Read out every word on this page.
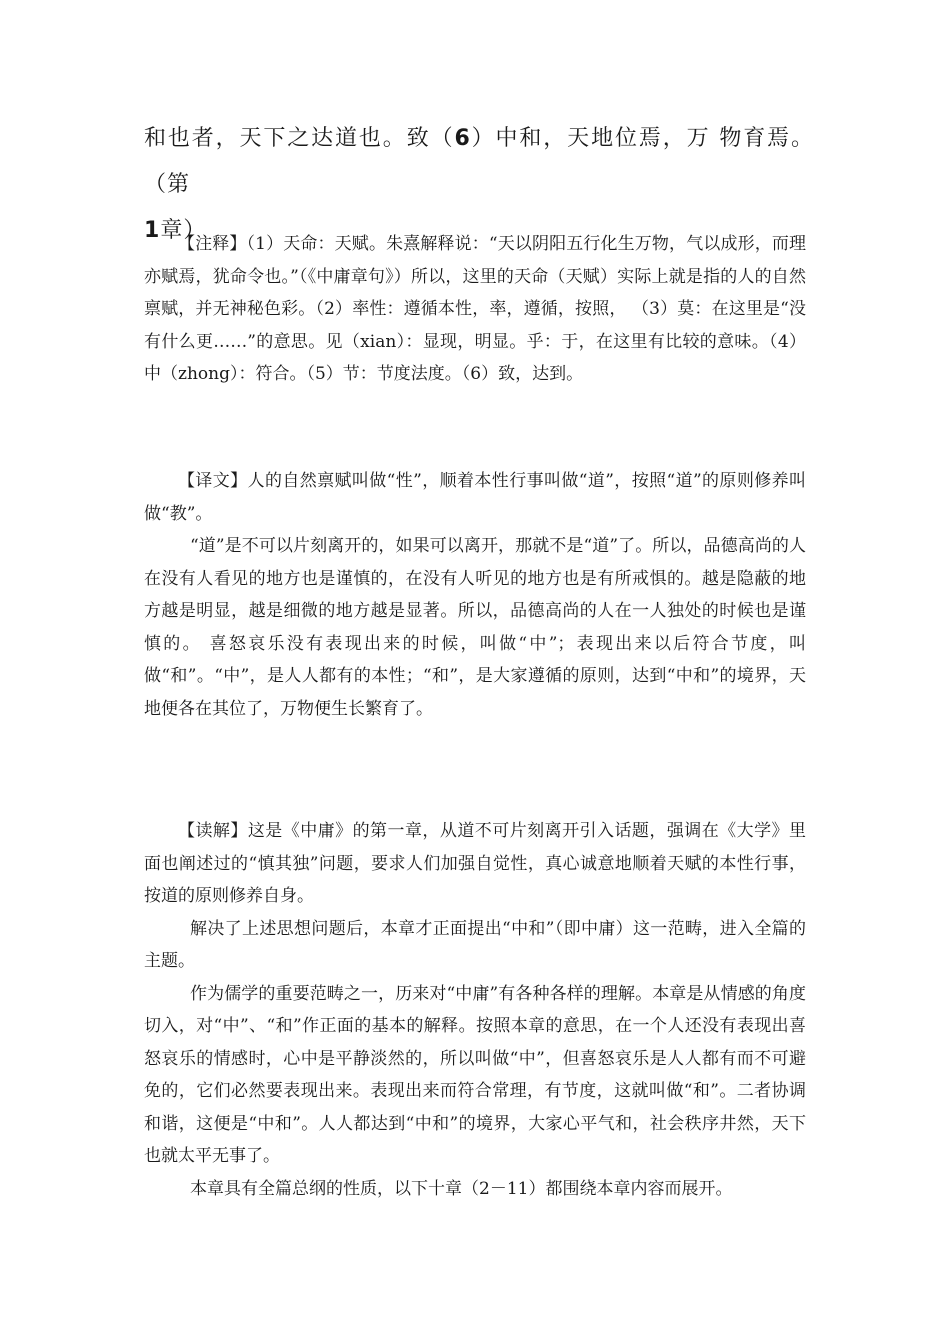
和也者，天下之达道也。致（6）中和，天地位焉，万 物育焉。（第
1章）

【注释】（1）天命：天赋。朱熹解释说：“天以阴阳五行化生万物，气以成形，而理亦赋焉，犹命令也。”（《中庸章句》）所以，这里的天命（天赋）实际上就是指的人的自然禀赋，并无神秘色彩。（2）率性：遵循本性，率，遵循，按照， （3）莫：在这里是“没有什么更……”的意思。见（xian）：显现，明显。乎：于，在这里有比较的意味。（4）中（zhong）：符合。（5）节：节度法度。（6）致，达到。

【译文】人的自然禀赋叫做“性”，顺着本性行事叫做“道”，按照“道”的原则修养叫做“教”。

“道”是不可以片刻离开的，如果可以离开，那就不是“道”了。所以，品德高尚的人在没有人看见的地方也是谨慎的，在没有人听见的地方也是有所戒惧的。越是隐蔽的地方越是明显，越是细微的地方越是显著。所以，品德高尚的人在一人独处的时候也是谨慎的。 喜怒哀乐没有表现出来的时候，叫做“中”；表现出来以后符合节度，叫做“和”。“中”，是人人都有的本性；“和”，是大家遵循的原则，达到“中和”的境界，天地便各在其位了，万物便生长繁育了。

【读解】这是《中庸》的第一章，从道不可片刻离开引入话题，强调在《大学》里面也阐述过的“慎其独”问题，要求人们加强自觉性，真心诚意地顺着天赋的本性行事，按道的原则修养自身。

解决了上述思想问题后，本章才正面提出“中和”（即中庸）这一范畴，进入全篇的主题。

作为儒学的重要范畴之一，历来对“中庸”有各种各样的理解。本章是从情感的角度切入，对“中”、“和”作正面的基本的解释。按照本章的意思，在一个人还没有表现出喜怒哀乐的情感时，心中是平静淡然的，所以叫做“中”，但喜怒哀乐是人人都有而不可避免的，它们必然要表现出来。表现出来而符合常理，有节度，这就叫做“和”。二者协调和谐，这便是“中和”。人人都达到“中和”的境界，大家心平气和，社会秩序井然，天下也就太平无事了。

本章具有全篇总纲的性质，以下十章（2－11）都围绕本章内容而展开。
